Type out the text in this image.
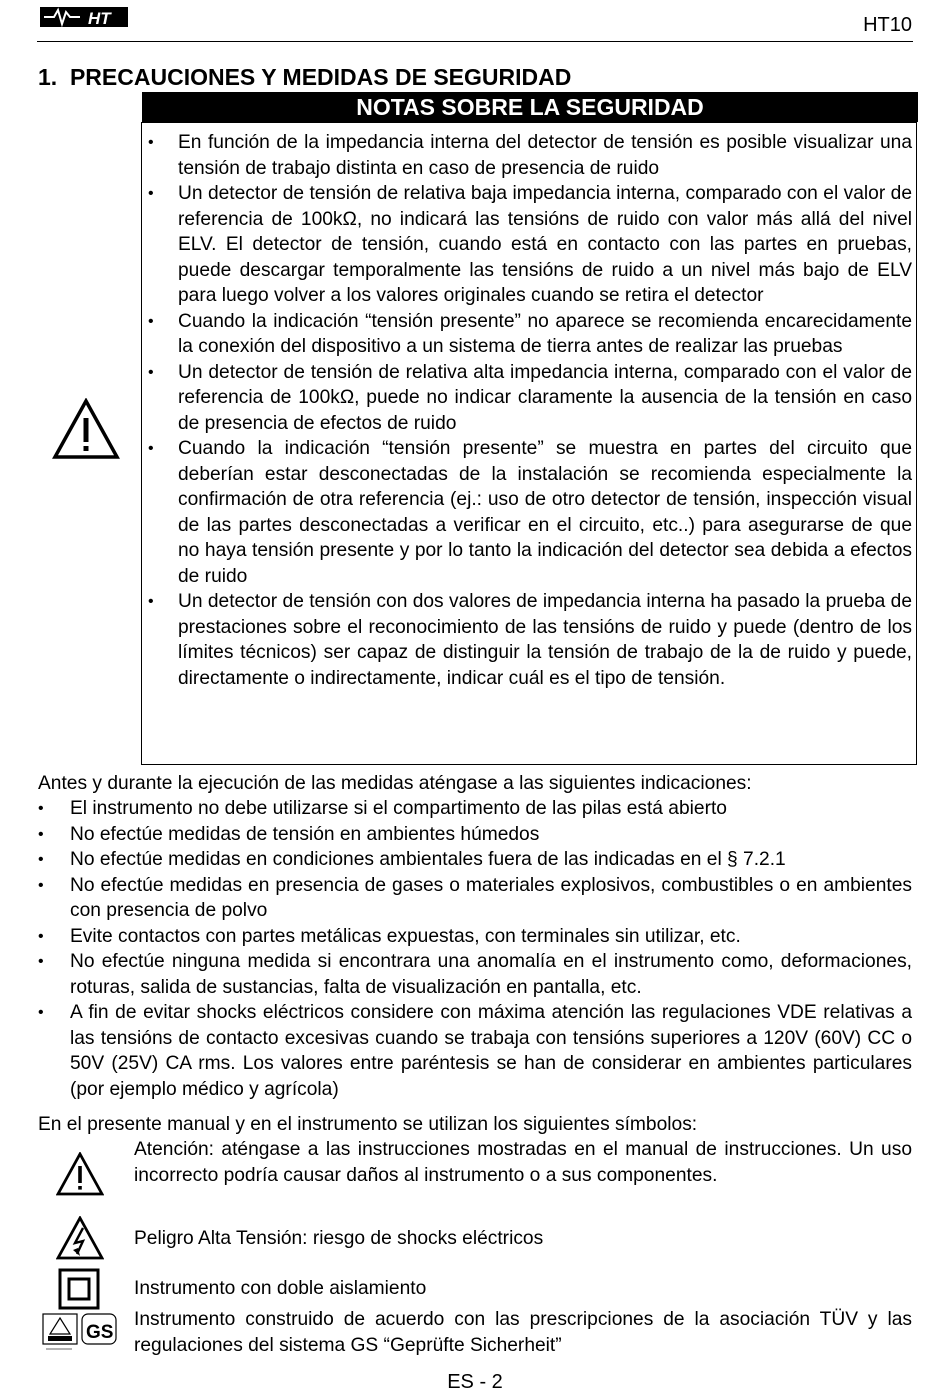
HT	HT10
1.  PRECAUCIONES Y MEDIDAS DE SEGURIDAD
NOTAS SOBRE LA SEGURIDAD
• En función de la impedancia interna del detector de tensión es posible visualizar una tensión de trabajo distinta en caso de presencia de ruido
• Un detector de tensión de relativa baja impedancia interna, comparado con el valor de referencia de 100kΩ, no indicará las tensións de ruido con valor más allá del nivel ELV. El detector de tensión, cuando está en contacto con las partes en pruebas, puede descargar temporalmente las tensións de ruido a un nivel más bajo de ELV para luego volver a los valores originales cuando se retira el detector
• Cuando la indicación “tensión presente” no aparece se recomienda encarecidamente la conexión del dispositivo a un sistema de tierra antes de realizar las pruebas
• Un detector de tensión de relativa alta impedancia interna, comparado con el valor de referencia de 100kΩ, puede no indicar claramente la ausencia de la tensión en caso de presencia de efectos de ruido
• Cuando la indicación “tensión presente” se muestra en partes del circuito que deberían estar desconectadas de la instalación se recomienda especialmente la confirmación de otra referencia (ej.: uso de otro detector de tensión, inspección visual de las partes desconectadas a verificar en el circuito, etc..) para asegurarse de que no haya tensión presente y por lo tanto la indicación del detector sea debida a efectos de ruido
• Un detector de tensión con dos valores de impedancia interna ha pasado la prueba de prestaciones sobre el reconocimiento de las tensións de ruido y puede (dentro de los límites técnicos) ser capaz de distinguir la tensión de trabajo de la de ruido y puede, directamente o indirectamente, indicar cuál es el tipo de tensión.

Antes y durante la ejecución de las medidas aténgase a las siguientes indicaciones:

• El instrumento no debe utilizarse si el compartimento de las pilas está abierto
• No efectúe medidas de tensión en ambientes húmedos
• No efectúe medidas en condiciones ambientales fuera de las indicadas en el § 7.2.1
• No efectúe medidas en presencia de gases o materiales explosivos, combustibles o en ambientes con presencia de polvo
• Evite contactos con partes metálicas expuestas, con terminales sin utilizar, etc.
• No efectúe ninguna medida si encontrara una anomalía en el instrumento como, deformaciones, roturas, salida de sustancias, falta de visualización en pantalla, etc.
• A fin de evitar shocks eléctricos considere con máxima atención las regulaciones VDE relativas a las tensións de contacto excesivas cuando se trabaja con tensións superiores a 120V (60V) CC o 50V (25V) CA rms. Los valores entre paréntesis se han de considerar en ambientes particulares (por ejemplo médico y agrícola)

En el presente manual y en el instrumento se utilizan los siguientes símbolos:

Atención: aténgase a las instrucciones mostradas en el manual de instrucciones. Un uso incorrecto podría causar daños al instrumento o a sus componentes.

Peligro Alta Tensión: riesgo de shocks eléctricos

Instrumento con doble aislamiento

GS

Instrumento construido de acuerdo con las prescripciones de la asociación TÜV y las regulaciones del sistema GS “Geprüfte Sicherheit”

ES - 2
